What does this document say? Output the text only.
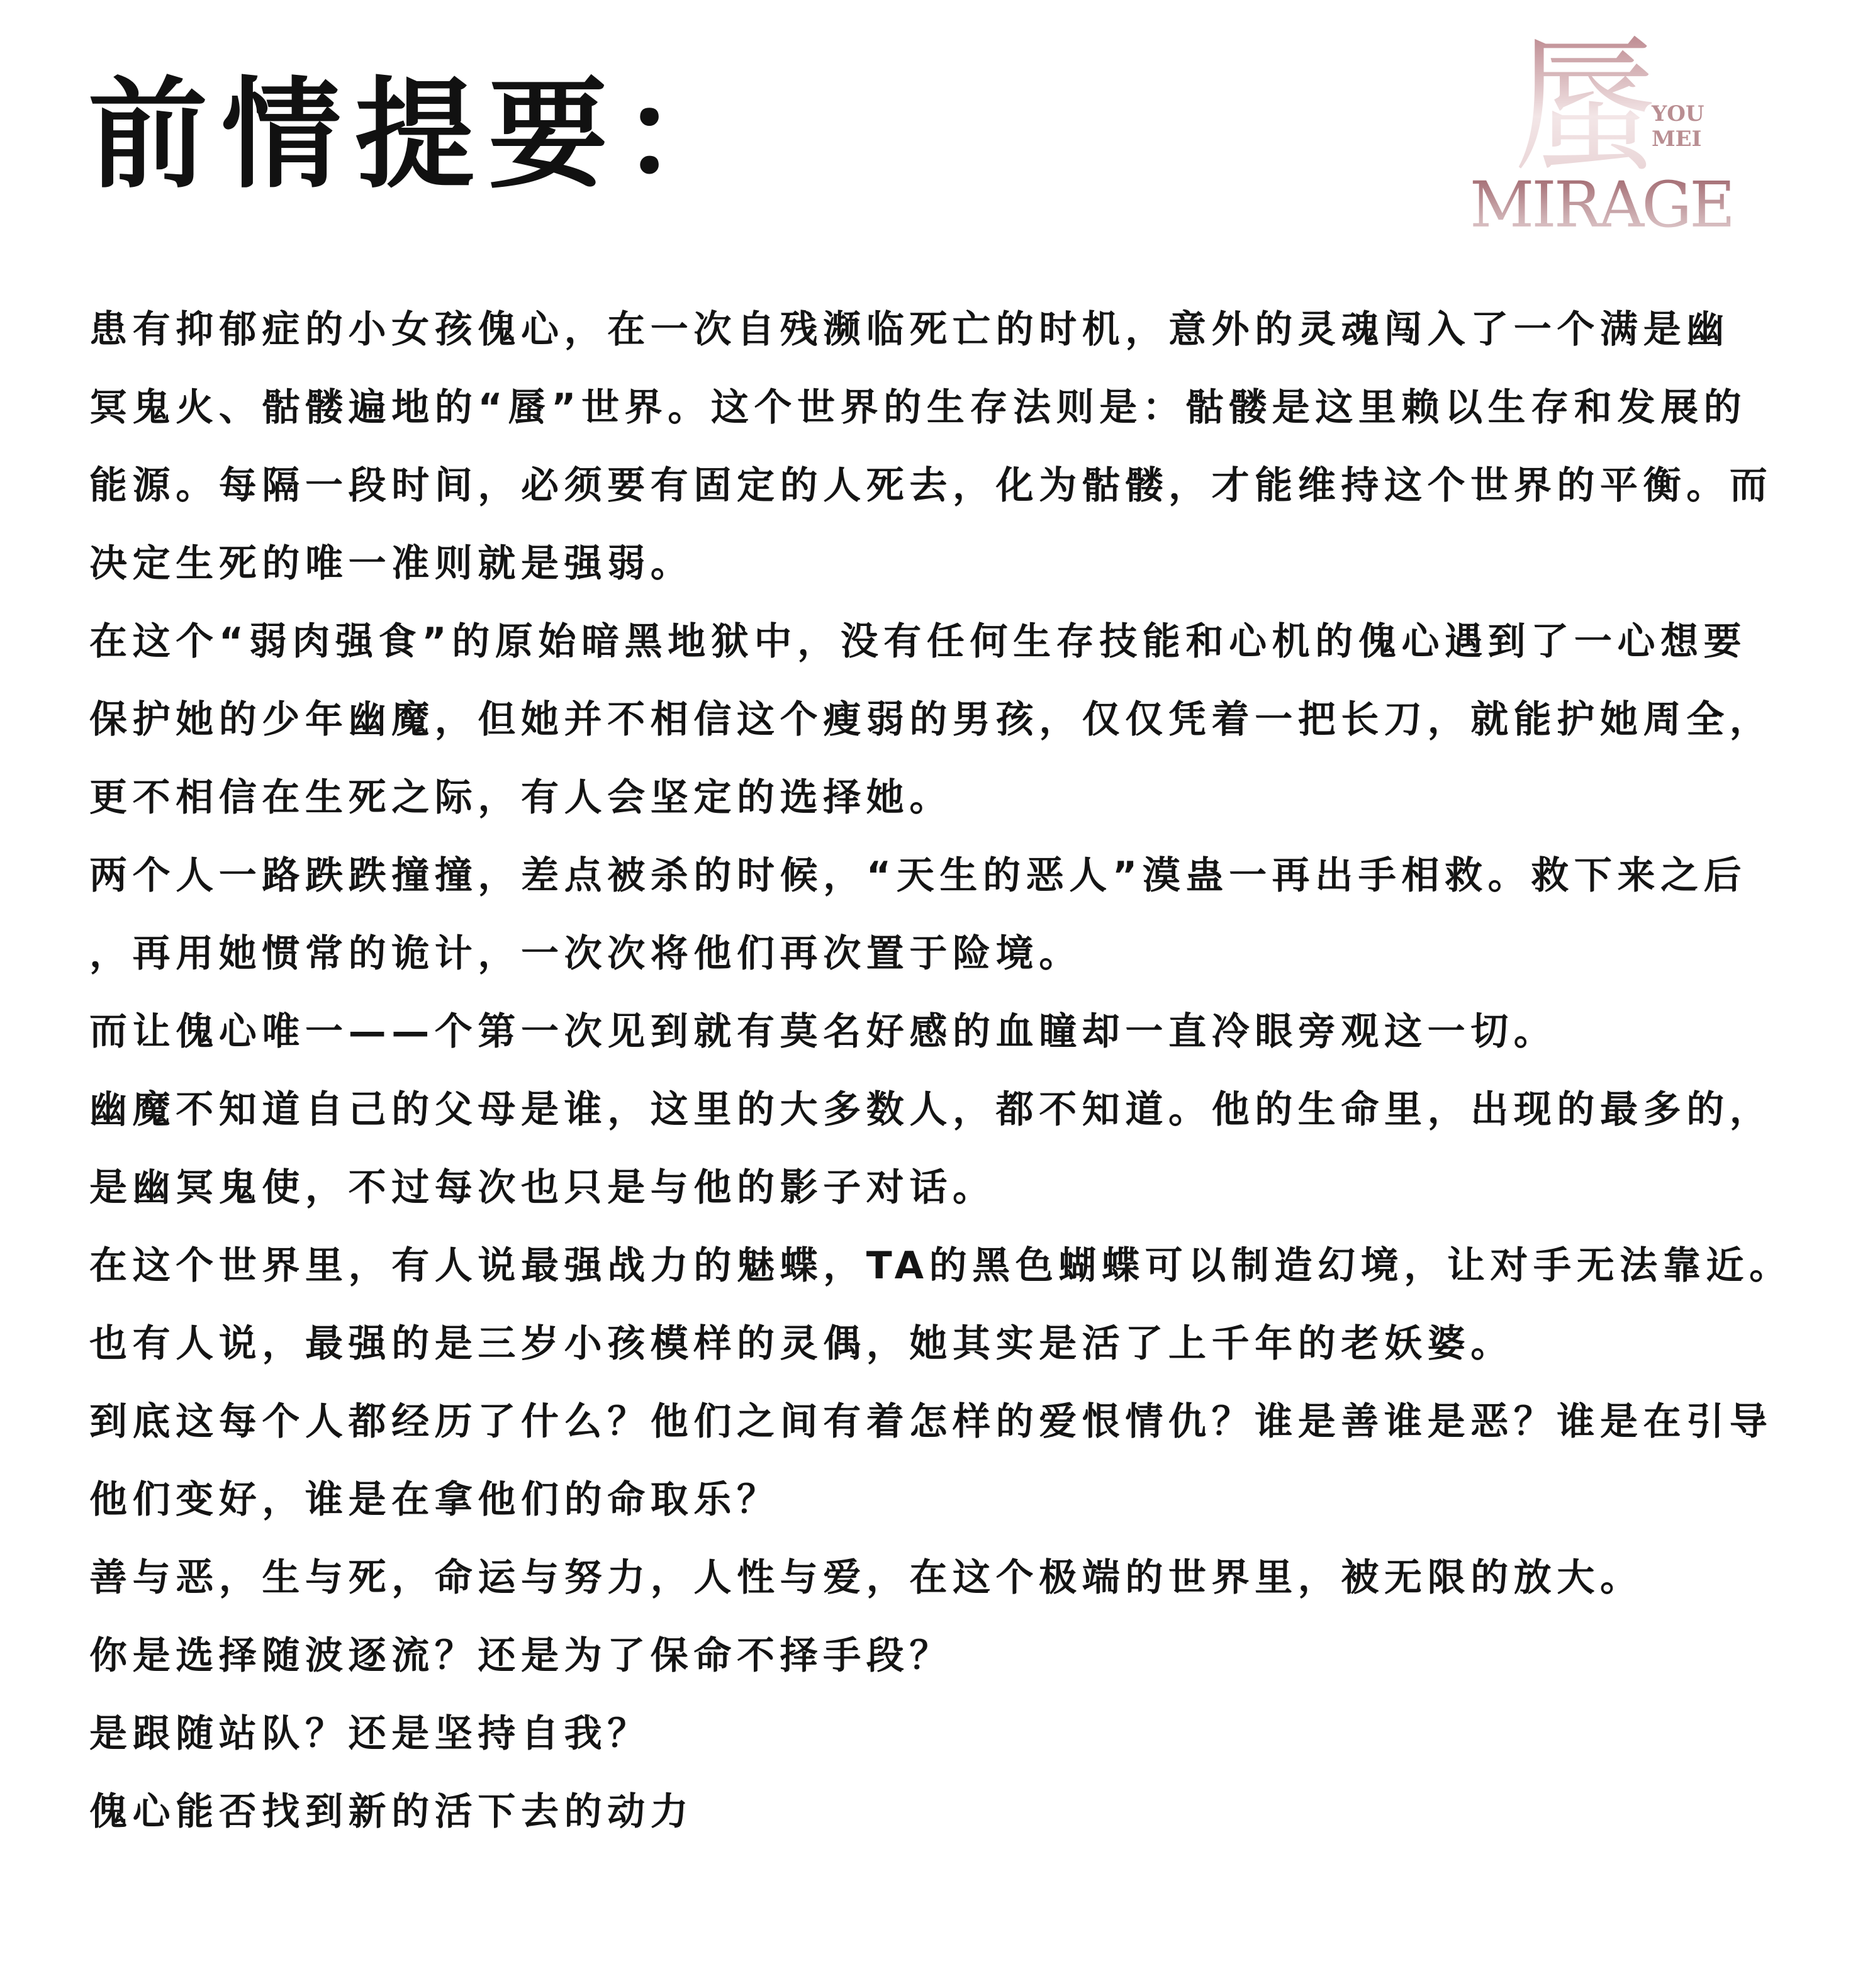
前情提要：	蜃
YOU
MEI
MIRAGE
患有抑郁症的小女孩傀心，在一次自残濒临死亡的时机，意外的灵魂闯入了一个满是幽
冥鬼火、骷髅遍地的“蜃”世界。这个世界的生存法则是：骷髅是这里赖以生存和发展的
能源。每隔一段时间，必须要有固定的人死去，化为骷髅，才能维持这个世界的平衡。而
决定生死的唯一准则就是强弱。
在这个“弱肉强食”的原始暗黑地狱中，没有任何生存技能和心机的傀心遇到了一心想要
保护她的少年幽魔，但她并不相信这个瘦弱的男孩，仅仅凭着一把长刀，就能护她周全，
更不相信在生死之际，有人会坚定的选择她。
两个人一路跌跌撞撞，差点被杀的时候，“天生的恶人”漠蛊一再出手相救。救下来之后
，再用她惯常的诡计，一次次将他们再次置于险境。
而让傀心唯一——个第一次见到就有莫名好感的血瞳却一直冷眼旁观这一切。
幽魔不知道自己的父母是谁，这里的大多数人，都不知道。他的生命里，出现的最多的，
是幽冥鬼使，不过每次也只是与他的影子对话。
在这个世界里，有人说最强战力的魅蝶，TA的黑色蝴蝶可以制造幻境，让对手无法靠近。
也有人说，最强的是三岁小孩模样的灵偶，她其实是活了上千年的老妖婆。
到底这每个人都经历了什么？他们之间有着怎样的爱恨情仇？谁是善谁是恶？谁是在引导
他们变好，谁是在拿他们的命取乐？
善与恶，生与死，命运与努力，人性与爱，在这个极端的世界里，被无限的放大。
你是选择随波逐流？还是为了保命不择手段？
是跟随站队？还是坚持自我？
傀心能否找到新的活下去的动力
